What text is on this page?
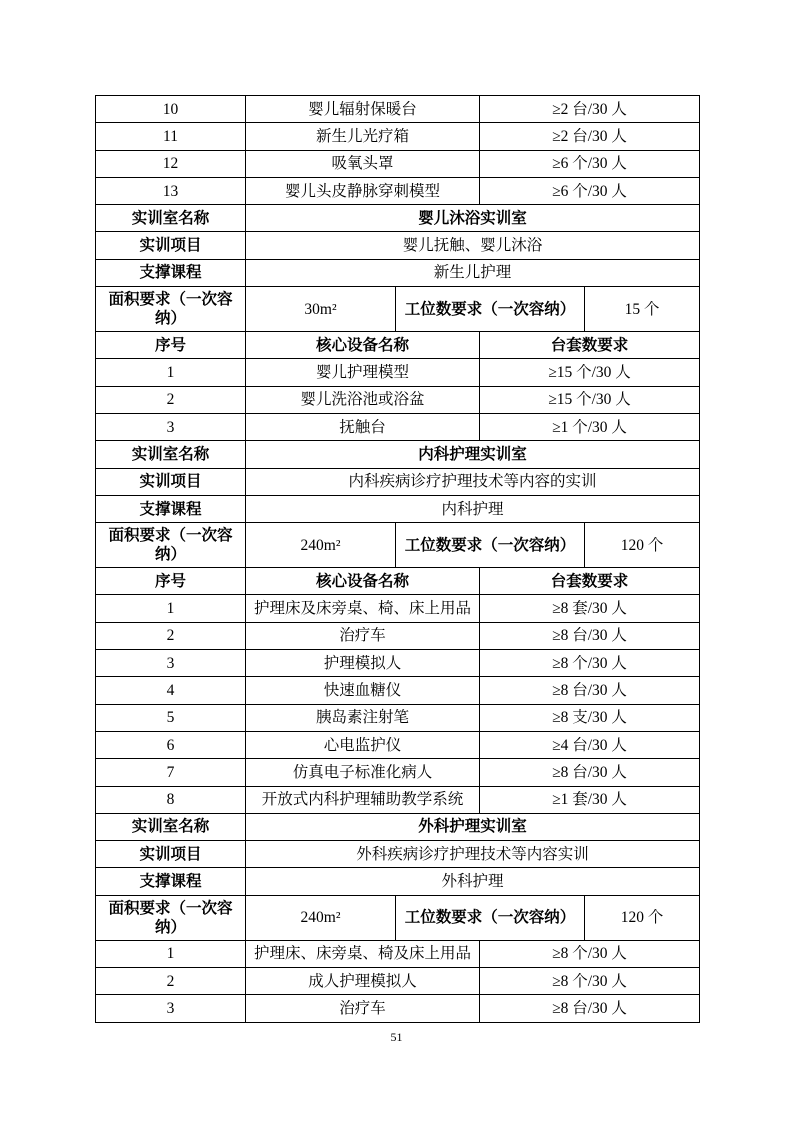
10	婴儿辐射保暖台		≥2 台/30 人	
11	新生儿光疗箱		≥2 台/30 人	
12	吸氧头罩		≥6 个/30 人	
13	婴儿头皮静脉穿刺模型		≥6 个/30 人	
实训室名称	婴儿沐浴实训室			
实训项目	婴儿抚触、婴儿沐浴			
支撑课程	新生儿护理			
面积要求（一次容纳）	30m²	工位数要求（一次容纳）		15 个
序号	核心设备名称		台套数要求	
1	婴儿护理模型		≥15 个/30 人	
2	婴儿洗浴池或浴盆		≥15 个/30 人	
3	抚触台		≥1 个/30 人	
实训室名称	内科护理实训室			
实训项目	内科疾病诊疗护理技术等内容的实训			
支撑课程	内科护理			
面积要求（一次容纳）	240m²	工位数要求（一次容纳）		120 个
序号	核心设备名称		台套数要求	
1	护理床及床旁桌、椅、床上用品		≥8 套/30 人	
2	治疗车		≥8 台/30 人	
3	护理模拟人		≥8 个/30 人	
4	快速血糖仪		≥8 台/30 人	
5	胰岛素注射笔		≥8 支/30 人	
6	心电监护仪		≥4 台/30 人	
7	仿真电子标准化病人		≥8 台/30 人	
8	开放式内科护理辅助教学系统		≥1 套/30 人	
实训室名称	外科护理实训室			
实训项目	外科疾病诊疗护理技术等内容实训			
支撑课程	外科护理			
面积要求（一次容纳）	240m²	工位数要求（一次容纳）		120 个
1	护理床、床旁桌、椅及床上用品		≥8 个/30 人	
2	成人护理模拟人		≥8 个/30 人	
3	治疗车		≥8 台/30 人	
51
